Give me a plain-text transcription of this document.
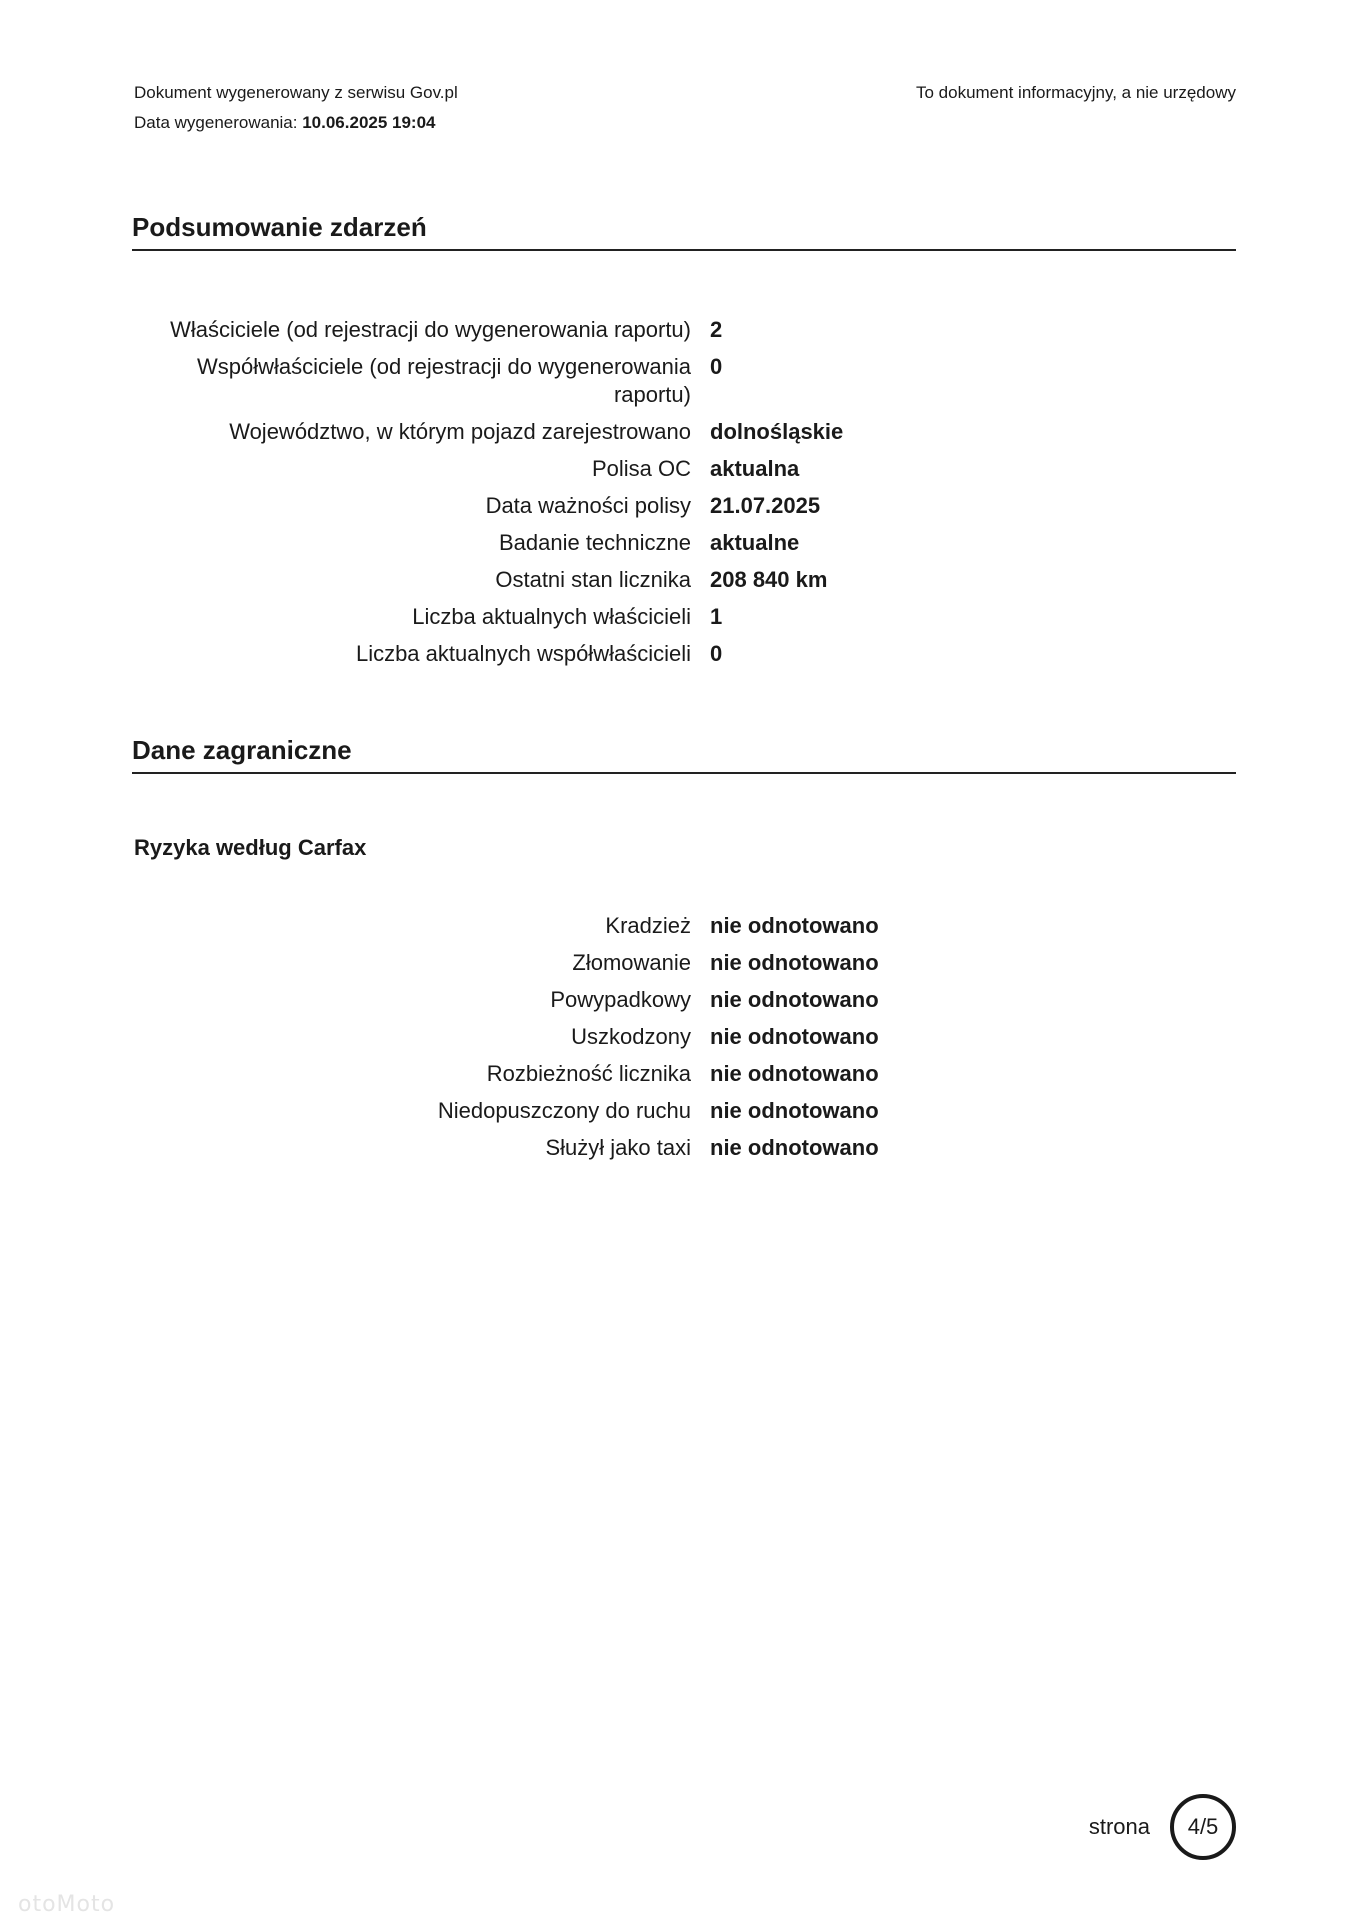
Dokument wygenerowany z serwisu Gov.pl
Data wygenerowania: 10.06.2025 19:04
To dokument informacyjny, a nie urzędowy
Podsumowanie zdarzeń
Właściciele (od rejestracji do wygenerowania raportu) 2
Współwłaściciele (od rejestracji do wygenerowania raportu)
0
Województwo, w którym pojazd zarejestrowano dolnośląskie
Polisa OC aktualna
Data ważności polisy 21.07.2025
Badanie techniczne aktualne
Ostatni stan licznika 208 840 km
Liczba aktualnych właścicieli 1
Liczba aktualnych współwłaścicieli 0
Dane zagraniczne
Ryzyka według Carfax
Kradzież nie odnotowano
Złomowanie nie odnotowano
Powypadkowy nie odnotowano
Uszkodzony nie odnotowano
Rozbieżność licznika nie odnotowano
Niedopuszczony do ruchu nie odnotowano
Służył jako taxi nie odnotowano
strona	4/5
otoMoto
